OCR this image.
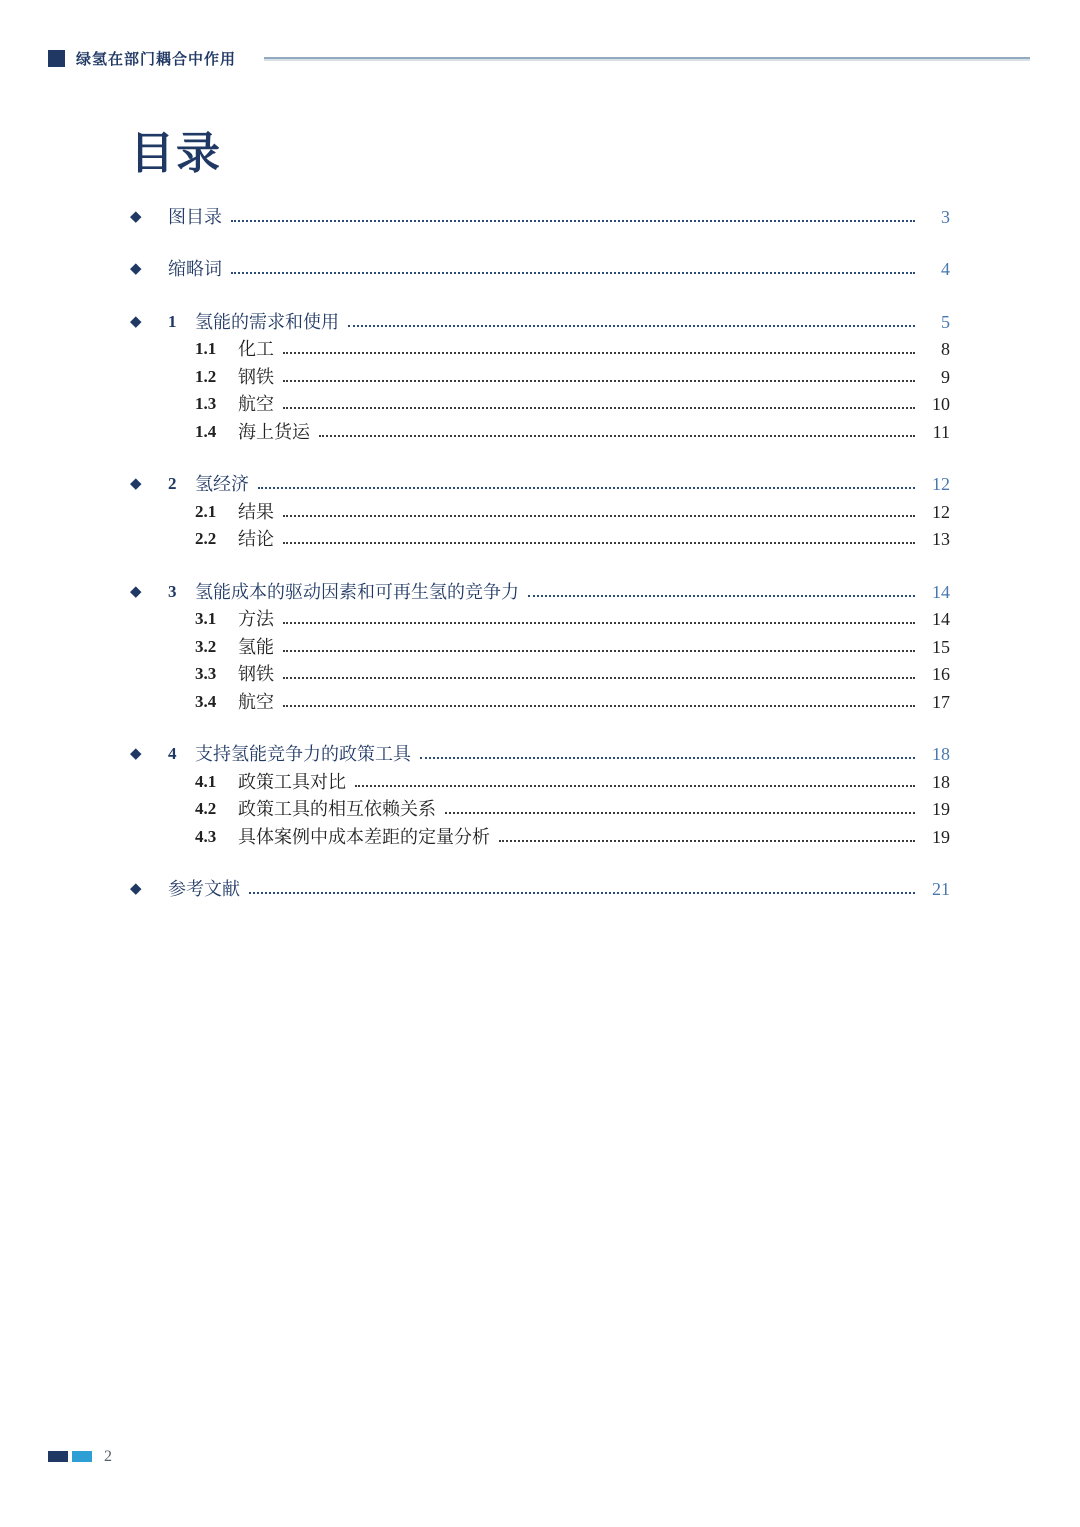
绿氢在部门耦合中作用
目录
◆	图目录	3
◆	缩略词	4
◆	1	氢能的需求和使用	5
1.1	化工	8
1.2	钢铁	9
1.3	航空	10
1.4	海上货运	11
◆	2	氢经济	12
2.1	结果	12
2.2	结论	13
◆	3	氢能成本的驱动因素和可再生氢的竞争力	14
3.1	方法	14
3.2	氢能	15
3.3	钢铁	16
3.4	航空	17
◆	4	支持氢能竞争力的政策工具	18
4.1	政策工具对比	18
4.2	政策工具的相互依赖关系	19
4.3	具体案例中成本差距的定量分析	19
◆	参考文献	21
2
